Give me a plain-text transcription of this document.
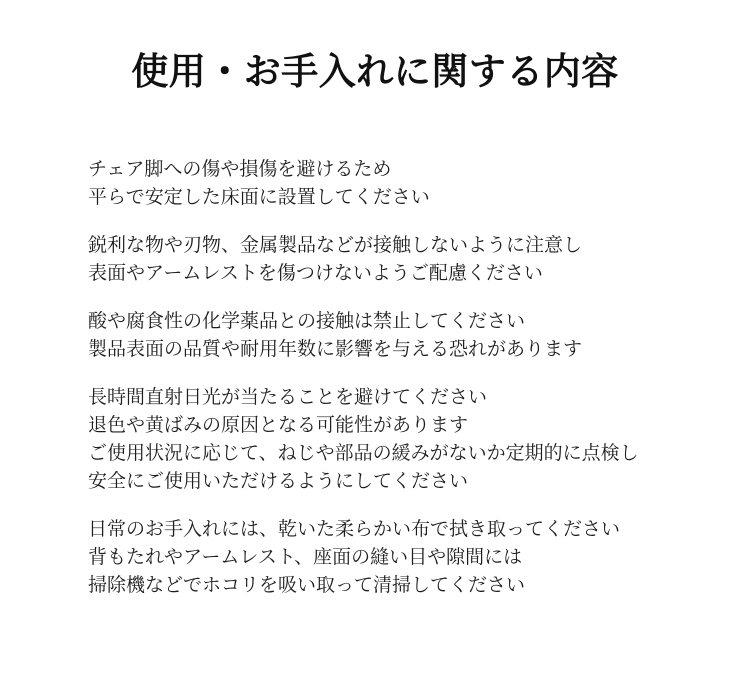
使用・お手入れに関する内容
チェア脚への傷や損傷を避けるため
平らで安定した床面に設置してください
鋭利な物や刃物、金属製品などが接触しないように注意し
表面やアームレストを傷つけないようご配慮ください
酸や腐食性の化学薬品との接触は禁止してください
製品表面の品質や耐用年数に影響を与える恐れがあります
長時間直射日光が当たることを避けてください
退色や黄ばみの原因となる可能性があります
ご使用状況に応じて、ねじや部品の緩みがないか定期的に点検し
安全にご使用いただけるようにしてください
日常のお手入れには、乾いた柔らかい布で拭き取ってください
背もたれやアームレスト、座面の縫い目や隙間には
掃除機などでホコリを吸い取って清掃してください
